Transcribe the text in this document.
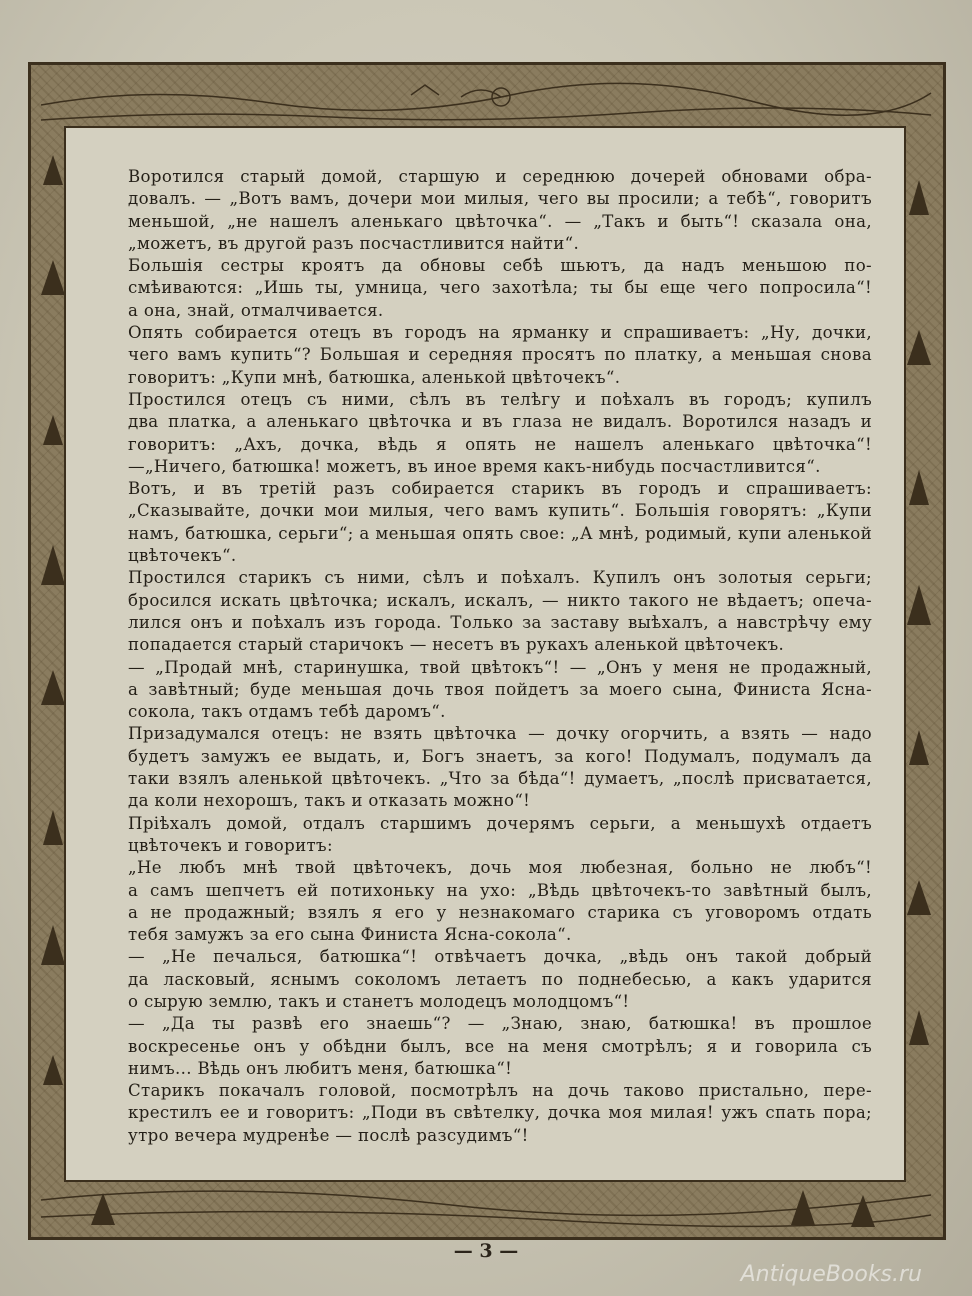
Воротился старый домой, старшую и середнюю дочерей обновами обра-
довалъ. — „Вотъ вамъ, дочери мои милыя, чего вы просили; а тебѣ“, говоритъ
меньшой, „не нашелъ аленькаго цвѣточка“. — „Такъ и быть“! сказала она,
„можетъ, въ другой разъ посчастливится найти“.

Большія сестры кроятъ да обновы себѣ шьютъ, да надъ меньшою по-
смѣиваются: „Ишь ты, умница, чего захотѣла; ты бы еще чего попросила“!
а она, знай, отмалчивается.

Опять собирается отецъ въ городъ на ярманку и спрашиваетъ: „Ну, дочки,
чего вамъ купить“? Большая и середняя просятъ по платку, а меньшая снова
говоритъ: „Купи мнѣ, батюшка, аленькой цвѣточекъ“.

Простился отецъ съ ними, сѣлъ въ телѣгу и поѣхалъ въ городъ; купилъ
два платка, а аленькаго цвѣточка и въ глаза не видалъ. Воротился назадъ и
говоритъ: „Ахъ, дочка, вѣдь я опять не нашелъ аленькаго цвѣточка“!
—„Ничего, батюшка! можетъ, въ иное время какъ-нибудь посчастливится“.

Вотъ, и въ третій разъ собирается старикъ въ городъ и спрашиваетъ:
„Сказывайте, дочки мои милыя, чего вамъ купить“. Большія говорятъ: „Купи
намъ, батюшка, серьги“; а меньшая опять свое: „А мнѣ, родимый, купи аленькой
цвѣточекъ“.

Простился старикъ съ ними, сѣлъ и поѣхалъ. Купилъ онъ золотыя серьги;
бросился искать цвѣточка; искалъ, искалъ, — никто такого не вѣдаетъ; опеча-
лился онъ и поѣхалъ изъ города. Только за заставу выѣхалъ, а навстрѣчу ему
попадается старый старичокъ — несетъ въ рукахъ аленькой цвѣточекъ.

— „Продай мнѣ, старинушка, твой цвѣтокъ“! — „Онъ у меня не продажный,
а завѣтный; буде меньшая дочь твоя пойдетъ за моего сына, Финиста Ясна-
сокола, такъ отдамъ тебѣ даромъ“.

Призадумался отецъ: не взять цвѣточка — дочку огорчить, а взять — надо
будетъ замужъ ее выдать, и, Богъ знаетъ, за кого! Подумалъ, подумалъ да
таки взялъ аленькой цвѣточекъ. „Что за бѣда“! думаетъ, „послѣ присватается,
да коли нехорошъ, такъ и отказать можно“!

Пріѣхалъ домой, отдалъ старшимъ дочерямъ серьги, а меньшухѣ отдаетъ
цвѣточекъ и говоритъ:

„Не любъ мнѣ твой цвѣточекъ, дочь моя любезная, больно не любъ“!
а самъ шепчетъ ей потихоньку на ухо: „Вѣдь цвѣточекъ-то завѣтный былъ,
а не продажный; взялъ я его у незнакомаго старика съ уговоромъ отдать
тебя замужъ за его сына Финиста Ясна-сокола“.

— „Не печалься, батюшка“! отвѣчаетъ дочка, „вѣдь онъ такой добрый
да ласковый, яснымъ соколомъ летаетъ по поднебесью, а какъ ударится
о сырую землю, такъ и станетъ молодецъ молодцомъ“!

— „Да ты развѣ его знаешь“? — „Знаю, знаю, батюшка! въ прошлое
воскресенье онъ у обѣдни былъ, все на меня смотрѣлъ; я и говорила съ
нимъ... Вѣдь онъ любитъ меня, батюшка“!

Старикъ покачалъ головой, посмотрѣлъ на дочь таково пристально, пере-
крестилъ ее и говоритъ: „Поди въ свѣтелку, дочка моя милая! ужъ спать пора;
утро вечера мудренѣе — послѣ разсудимъ“!

— 3 —
AntiqueBooks.ru
